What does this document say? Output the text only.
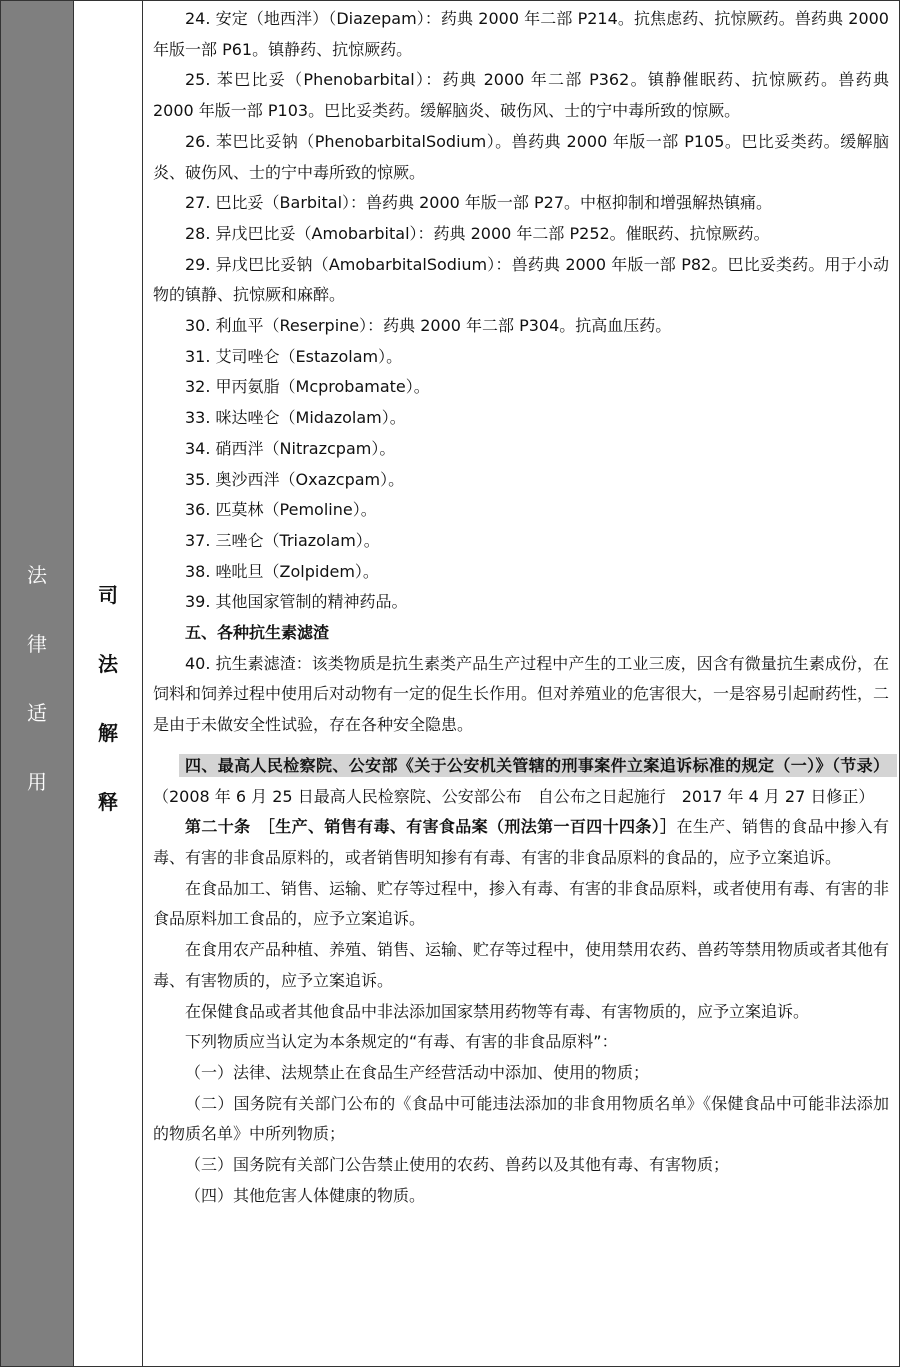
法
律
适
用
司
法
解
释

24. 安定（地西泮）（Diazepam）：药典 2000 年二部 P214。抗焦虑药、抗惊厥药。兽药典 2000 年版一部 P61。镇静药、抗惊厥药。

25. 苯巴比妥（Phenobarbital）：药典 2000 年二部 P362。镇静催眠药、抗惊厥药。兽药典 2000 年版一部 P103。巴比妥类药。缓解脑炎、破伤风、士的宁中毒所致的惊厥。

26. 苯巴比妥钠（PhenobarbitalSodium）。兽药典 2000 年版一部 P105。巴比妥类药。缓解脑炎、破伤风、士的宁中毒所致的惊厥。

27. 巴比妥（Barbital）：兽药典 2000 年版一部 P27。中枢抑制和增强解热镇痛。

28. 异戊巴比妥（Amobarbital）：药典 2000 年二部 P252。催眠药、抗惊厥药。

29. 异戊巴比妥钠（AmobarbitalSodium）：兽药典 2000 年版一部 P82。巴比妥类药。用于小动物的镇静、抗惊厥和麻醉。

30. 利血平（Reserpine）：药典 2000 年二部 P304。抗高血压药。

31. 艾司唑仑（Estazolam）。

32. 甲丙氨脂（Mcprobamate）。

33. 咪达唑仑（Midazolam）。

34. 硝西泮（Nitrazcpam）。

35. 奥沙西泮（Oxazcpam）。

36. 匹莫林（Pemoline）。

37. 三唑仑（Triazolam）。

38. 唑吡旦（Zolpidem）。

39. 其他国家管制的精神药品。

五、各种抗生素滤渣

40. 抗生素滤渣：该类物质是抗生素类产品生产过程中产生的工业三废，因含有微量抗生素成份，在饲料和饲养过程中使用后对动物有一定的促生长作用。但对养殖业的危害很大，一是容易引起耐药性，二是由于未做安全性试验，存在各种安全隐患。

四、最高人民检察院、公安部《关于公安机关管辖的刑事案件立案追诉标准的规定（一）》（节录）（2008 年 6 月 25 日最高人民检察院、公安部公布　自公布之日起施行　2017 年 4 月 27 日修正）

第二十条　 ［生产、销售有毒、有害食品案（刑法第一百四十四条）］在生产、销售的食品中掺入有毒、有害的非食品原料的，或者销售明知掺有有毒、有害的非食品原料的食品的，应予立案追诉。

在食品加工、销售、运输、贮存等过程中，掺入有毒、有害的非食品原料，或者使用有毒、有害的非食品原料加工食品的，应予立案追诉。

在食用农产品种植、养殖、销售、运输、贮存等过程中，使用禁用农药、兽药等禁用物质或者其他有毒、有害物质的，应予立案追诉。

在保健食品或者其他食品中非法添加国家禁用药物等有毒、有害物质的，应予立案追诉。

下列物质应当认定为本条规定的“有毒、有害的非食品原料”：

（一）法律、法规禁止在食品生产经营活动中添加、使用的物质；

（二）国务院有关部门公布的《食品中可能违法添加的非食用物质名单》《保健食品中可能非法添加的物质名单》中所列物质；

（三）国务院有关部门公告禁止使用的农药、兽药以及其他有毒、有害物质；

（四）其他危害人体健康的物质。
